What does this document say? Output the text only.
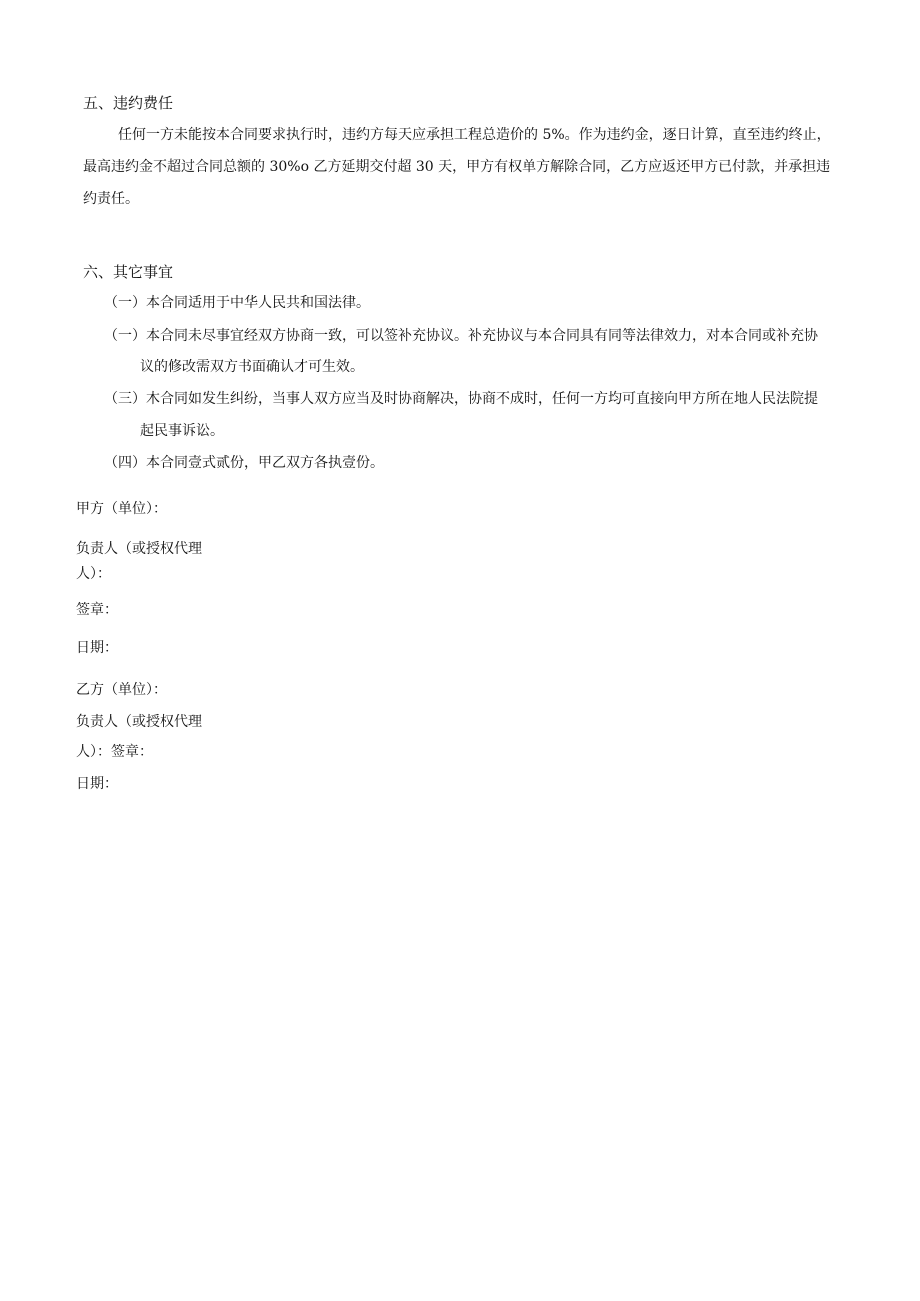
五、违约费任

任何一方未能按本合同要求执行时，违约方每天应承担工程总造价的 5%。作为违约金，逐日计算，直至违约终止，

最高违约金不超过合同总额的 30%o 乙方延期交付超 30 天，甲方有权单方解除合同，乙方应返还甲方已付款，并承担违

约责任。

六、其它事宜

（一）本合同适用于中华人民共和国法律。

（一）本合同未尽事宜经双方协商一致，可以签补充协议。补充协议与本合同具有同等法律效力，对本合同或补充协

议的修改需双方书面确认才可生效。

（三）木合同如发生纠纷，当事人双方应当及时协商解决，协商不成时，任何一方均可直接向甲方所在地人民法院提

起民事诉讼。

（四）本合同壹式贰份，甲乙双方各执壹份。

甲方（单位）：

负责人（或授权代理

人）：

签章：

日期：

乙方（单位）：

负责人（或授权代理

人）：签章：

日期：
